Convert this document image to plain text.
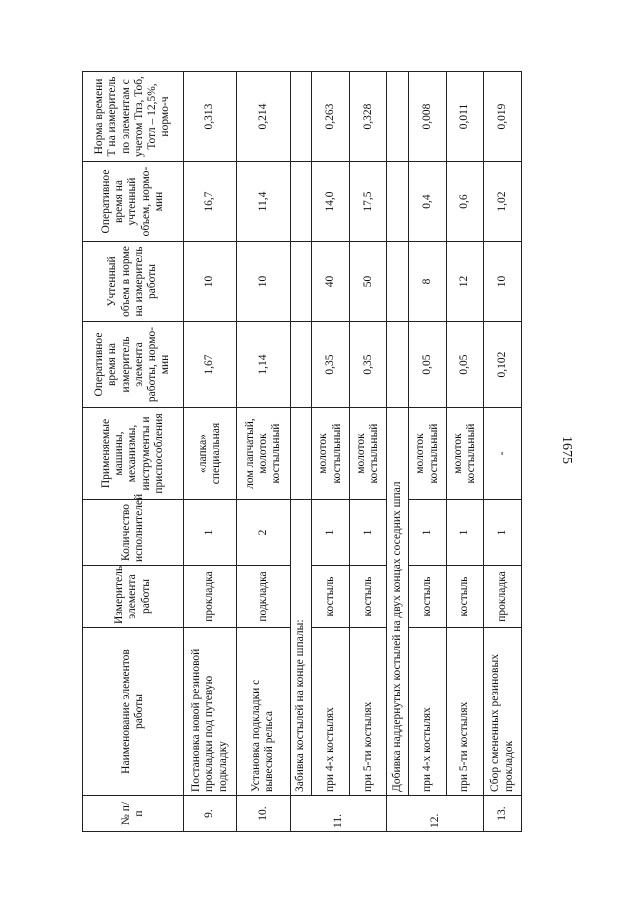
1675
№ п/п	Наименование элементов работы	Измеритель элемента работы	Количество исполнителей	Применяемые машины, механизмы, инструменты и приспособления	Оперативное время на измеритель элемента работы, нормо-мин	Учтенный объем в норме на измеритель работы	Оперативное время на учтенный объем, нормо-мин	Норма времени Т на измеритель по элементам с учетом Тпз, Тоб, Тотл – 12,5%, нормо-ч
9.	Постановка новой резиновой прокладки под путевую подкладку	прокладка	1	«лапка» специальная	1,67	10	16,7	0,313
10.	Установка подкладки с вывеской рельса	подкладка	2	лом лапчатый, молоток костыльный	1,14	10	11,4	0,214
11.	Забивка костылей на конце шпалы:							
	при 4-х костылях	костыль	1	молоток костыльный	0,35	40	14,0	0,263
	при 5-ти костылях	костыль	1	молоток костыльный	0,35	50	17,5	0,328
12.	Добивка наддернутых костылей на двух концах соседних шпал							
	при 4-х костылях	костыль	1	молоток костыльный	0,05	8	0,4	0,008
	при 5-ти костылях	костыль	1	молоток костыльный	0,05	12	0,6	0,011
13.	Сбор смененных резиновых прокладок	прокладка	1	-	0,102	10	1,02	0,019
